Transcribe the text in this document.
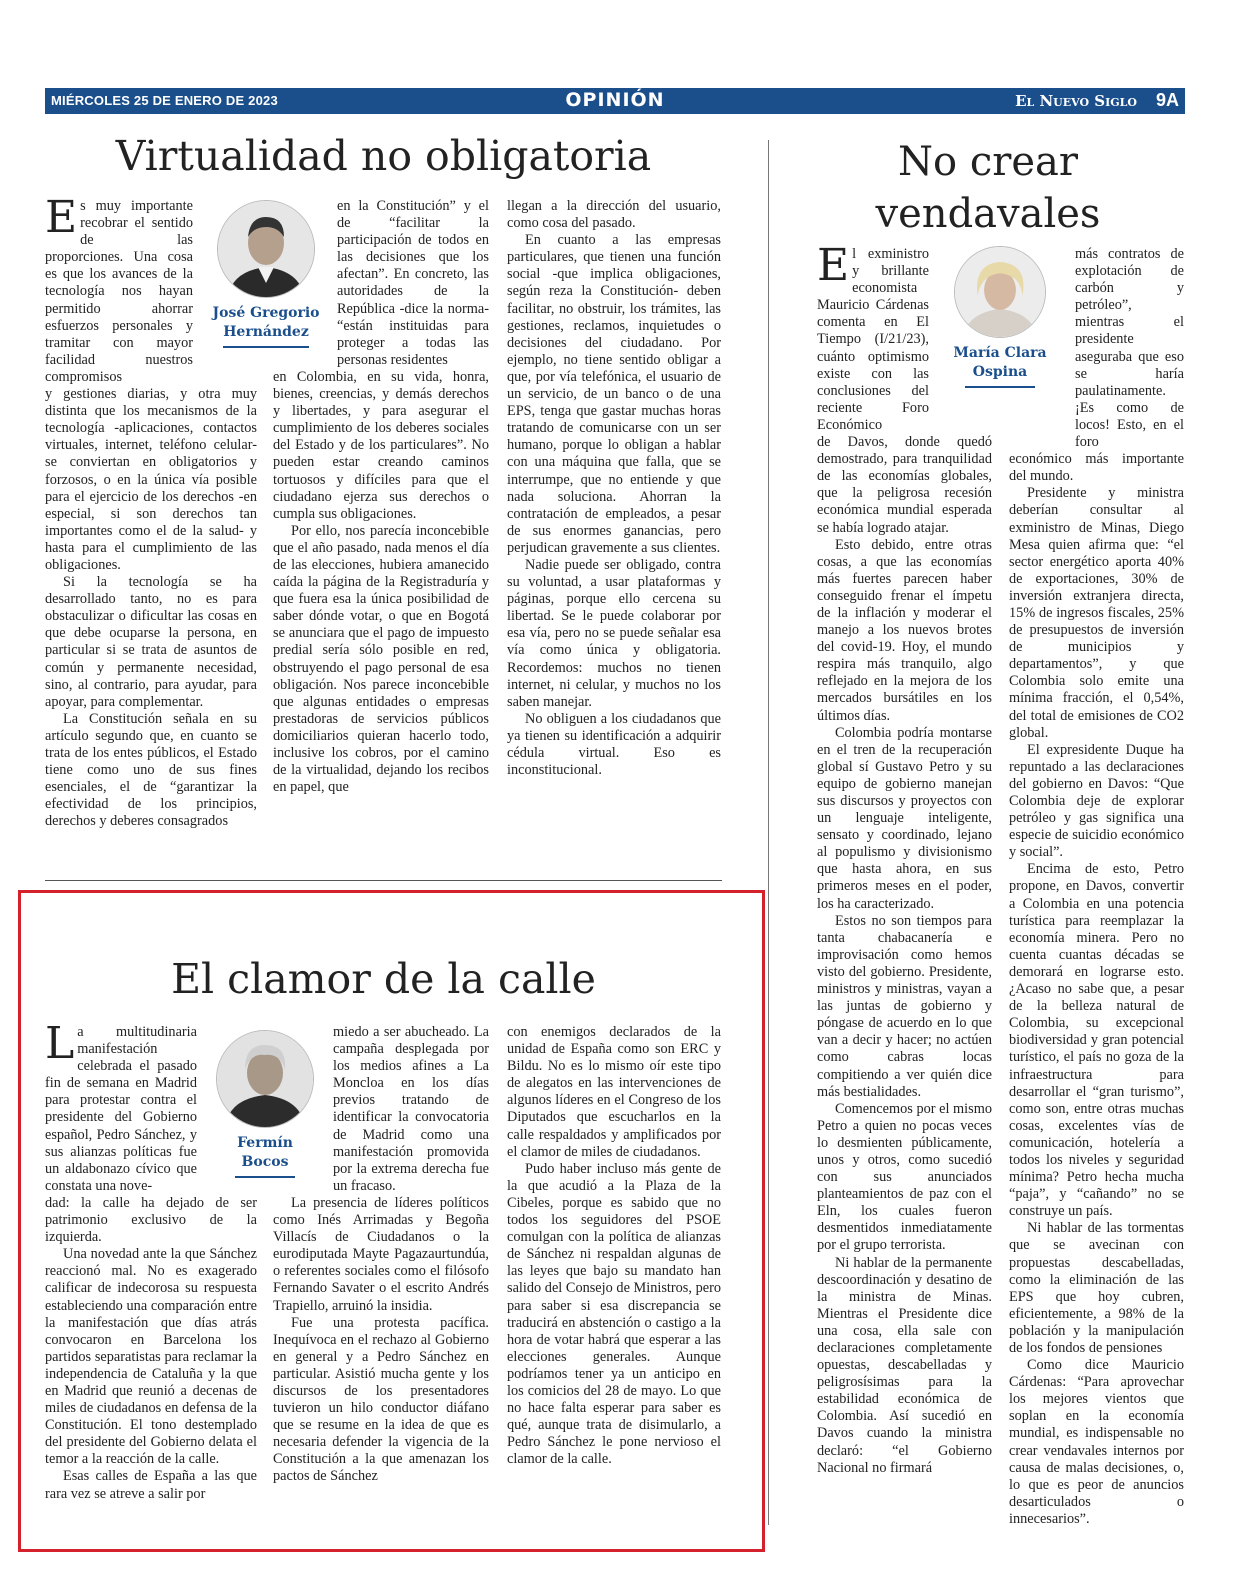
MIÉRCOLES 25 DE ENERO DE 2023	OPINIÓN	El Nuevo Siglo 9A
Virtualidad no obligatoria

E s muy importante recobrar el sentido de las proporciones. Una cosa es que los avances de la tecnología nos hayan permitido ahorrar esfuerzos personales y tramitar con mayor facilidad nuestros compromisos
y gestiones diarias, y otra muy distinta que los mecanismos de la tecnología -aplicaciones, contactos virtuales, internet, teléfono celular- se conviertan en obligatorios y forzosos, o en la única vía posible para el ejercicio de los derechos -en especial, si son derechos tan importantes como el de la salud- y hasta para el cumplimiento de las obligaciones.

Si la tecnología se ha desarrollado tanto, no es para obstaculizar o dificultar las cosas en que debe ocuparse la persona, en particular si se trata de asuntos de común y permanente necesidad, sino, al contrario, para ayudar, para apoyar, para complementar.

La Constitución señala en su artículo segundo que, en cuanto se trata de los entes públicos, el Estado tiene como uno de sus fines esenciales, el de “garantizar la efectividad de los principios, derechos y deberes consagrados

José Gregorio
Hernández

en la Constitución” y el de “facilitar la participación de todos en las decisiones que los afectan”. En concreto, las autoridades de la República -dice la norma- “están instituidas para proteger a todas las personas residentes
en Colombia, en su vida, honra, bienes, creencias, y demás derechos y libertades, y para asegurar el cumplimiento de los deberes sociales del Estado y de los particulares”. No pueden estar creando caminos tortuosos y difíciles para que el ciudadano ejerza sus derechos o cumpla sus obligaciones.

Por ello, nos parecía inconcebible que el año pasado, nada menos el día de las elecciones, hubiera amanecido caída la página de la Registraduría y que fuera esa la única posibilidad de saber dónde votar, o que en Bogotá se anunciara que el pago de impuesto predial sería sólo posible en red, obstruyendo el pago personal de esa obligación. Nos parece inconcebible que algunas entidades o empresas prestadoras de servicios públicos domiciliarios quieran hacerlo todo, inclusive los cobros, por el camino de la virtualidad, dejando los recibos en papel, que

llegan a la dirección del usuario, como cosa del pasado.

En cuanto a las empresas particulares, que tienen una función social -que implica obligaciones, según reza la Constitución- deben facilitar, no obstruir, los trámites, las gestiones, reclamos, inquietudes o decisiones del ciudadano. Por ejemplo, no tiene sentido obligar a que, por vía telefónica, el usuario de un servicio, de un banco o de una EPS, tenga que gastar muchas horas tratando de comunicarse con un ser humano, porque lo obligan a hablar con una máquina que falla, que se interrumpe, que no entiende y que nada soluciona. Ahorran la contratación de empleados, a pesar de sus enormes ganancias, pero perjudican gravemente a sus clientes.

Nadie puede ser obligado, contra su voluntad, a usar plataformas y páginas, porque ello cercena su libertad. Se le puede colaborar por esa vía, pero no se puede señalar esa vía como única y obligatoria. Recordemos: muchos no tienen internet, ni celular, y muchos no los saben manejar.

No obliguen a los ciudadanos que ya tienen su identificación a adquirir cédula virtual. Eso es inconstitucional.

El clamor de la calle

L a multitudinaria manifestación celebrada el pasado fin de semana en Madrid para protestar contra el presidente del Gobierno español, Pedro Sánchez, y sus alianzas políticas fue un aldabonazo cívico que constata una nove-
dad: la calle ha dejado de ser patrimonio exclusivo de la izquierda.

Una novedad ante la que Sánchez reaccionó mal. No es exagerado calificar de indecorosa su respuesta estableciendo una comparación entre la manifestación que días atrás convocaron en Barcelona los partidos separatistas para reclamar la independencia de Cataluña y la que en Madrid que reunió a decenas de miles de ciudadanos en defensa de la Constitución. El tono destemplado del presidente del Gobierno delata el temor a la reacción de la calle.

Esas calles de España a las que rara vez se atreve a salir por

Fermín
Bocos

miedo a ser abucheado. La campaña desplegada por los medios afines a La Moncloa en los días previos tratando de identificar la convocatoria de Madrid como una manifestación promovida por la extrema derecha fue un fracaso.

La presencia de líderes políticos como Inés Arrimadas y Begoña Villacís de Ciudadanos o la eurodiputada Mayte Pagazaurtundúa, o referentes sociales como el filósofo Fernando Savater o el escrito Andrés Trapiello, arruinó la insidia.

Fue una protesta pacífica. Inequívoca en el rechazo al Gobierno en general y a Pedro Sánchez en particular. Asistió mucha gente y los discursos de los presentadores tuvieron un hilo conductor diáfano que se resume en la idea de que es necesaria defender la vigencia de la Constitución a la que amenazan los pactos de Sánchez

con enemigos declarados de la unidad de España como son ERC y Bildu. No es lo mismo oír este tipo de alegatos en las intervenciones de algunos líderes en el Congreso de los Diputados que escucharlos en la calle respaldados y amplificados por el clamor de miles de ciudadanos.

Pudo haber incluso más gente de la que acudió a la Plaza de la Cibeles, porque es sabido que no todos los seguidores del PSOE comulgan con la política de alianzas de Sánchez ni respaldan algunas de las leyes que bajo su mandato han salido del Consejo de Ministros, pero para saber si esa discrepancia se traducirá en abstención o castigo a la hora de votar habrá que esperar a las elecciones generales. Aunque podríamos tener ya un anticipo en los comicios del 28 de mayo. Lo que no hace falta esperar para saber es qué, aunque trata de disimularlo, a Pedro Sánchez le pone nervioso el clamor de la calle.

No crear
vendavales

E l exministro y brillante economista Mauricio Cárdenas comenta en El Tiempo (I/21/23), cuánto optimismo existe con las conclusiones del reciente Foro Económico
de Davos, donde quedó demostrado, para tranquilidad de las economías globales, que la peligrosa recesión económica mundial esperada se había logrado atajar.

Esto debido, entre otras cosas, a que las economías más fuertes parecen haber conseguido frenar el ímpetu de la inflación y moderar el manejo a los nuevos brotes del covid-19. Hoy, el mundo respira más tranquilo, algo reflejado en la mejora de los mercados bursátiles en los últimos días.

Colombia podría montarse en el tren de la recuperación global sí Gustavo Petro y su equipo de gobierno manejan sus discursos y proyectos con un lenguaje inteligente, sensato y coordinado, lejano al populismo y divisionismo que hasta ahora, en sus primeros meses en el poder, los ha caracterizado.

Estos no son tiempos para tanta chabacanería e improvisación como hemos visto del gobierno. Presidente, ministros y ministras, vayan a las juntas de gobierno y póngase de acuerdo en lo que van a decir y hacer; no actúen como cabras locas compitiendo a ver quién dice más bestialidades.

Comencemos por el mismo Petro a quien no pocas veces lo desmienten públicamente, unos y otros, como sucedió con sus anunciados planteamientos de paz con el Eln, los cuales fueron desmentidos inmediatamente por el grupo terrorista.

Ni hablar de la permanente descoordinación y desatino de la ministra de Minas. Mientras el Presidente dice una cosa, ella sale con declaraciones completamente opuestas, descabelladas y peligrosísimas para la estabilidad económica de Colombia. Así sucedió en Davos cuando la ministra declaró: “el Gobierno Nacional no firmará

María Clara
Ospina

más contratos de explotación de carbón y petróleo”, mientras el presidente aseguraba que eso se haría paulatinamente. ¡Es como de locos! Esto, en el foro
económico más importante del mundo.

Presidente y ministra deberían consultar al exministro de Minas, Diego Mesa quien afirma que: “el sector energético aporta 40% de exportaciones, 30% de inversión extranjera directa, 15% de ingresos fiscales, 25% de presupuestos de inversión de municipios y departamentos”, y que Colombia solo emite una mínima fracción, el 0,54%, del total de emisiones de CO2 global.

El expresidente Duque ha repuntado a las declaraciones del gobierno en Davos: “Que Colombia deje de explorar petróleo y gas significa una especie de suicidio económico y social”.

Encima de esto, Petro propone, en Davos, convertir a Colombia en una potencia turística para reemplazar la economía minera. Pero no cuenta cuantas décadas se demorará en lograrse esto. ¿Acaso no sabe que, a pesar de la belleza natural de Colombia, su excepcional biodiversidad y gran potencial turístico, el país no goza de la infraestructura para desarrollar el “gran turismo”, como son, entre otras muchas cosas, excelentes vías de comunicación, hotelería a todos los niveles y seguridad mínima? Petro hecha mucha “paja”, y “cañando” no se construye un país.

Ni hablar de las tormentas que se avecinan con propuestas descabelladas, como la eliminación de las EPS que hoy cubren, eficientemente, a 98% de la población y la manipulación de los fondos de pensiones

Como dice Mauricio Cárdenas: “Para aprovechar los mejores vientos que soplan en la economía mundial, es indispensable no crear vendavales internos por causa de malas decisiones, o, lo que es peor de anuncios desarticulados o innecesarios”.
